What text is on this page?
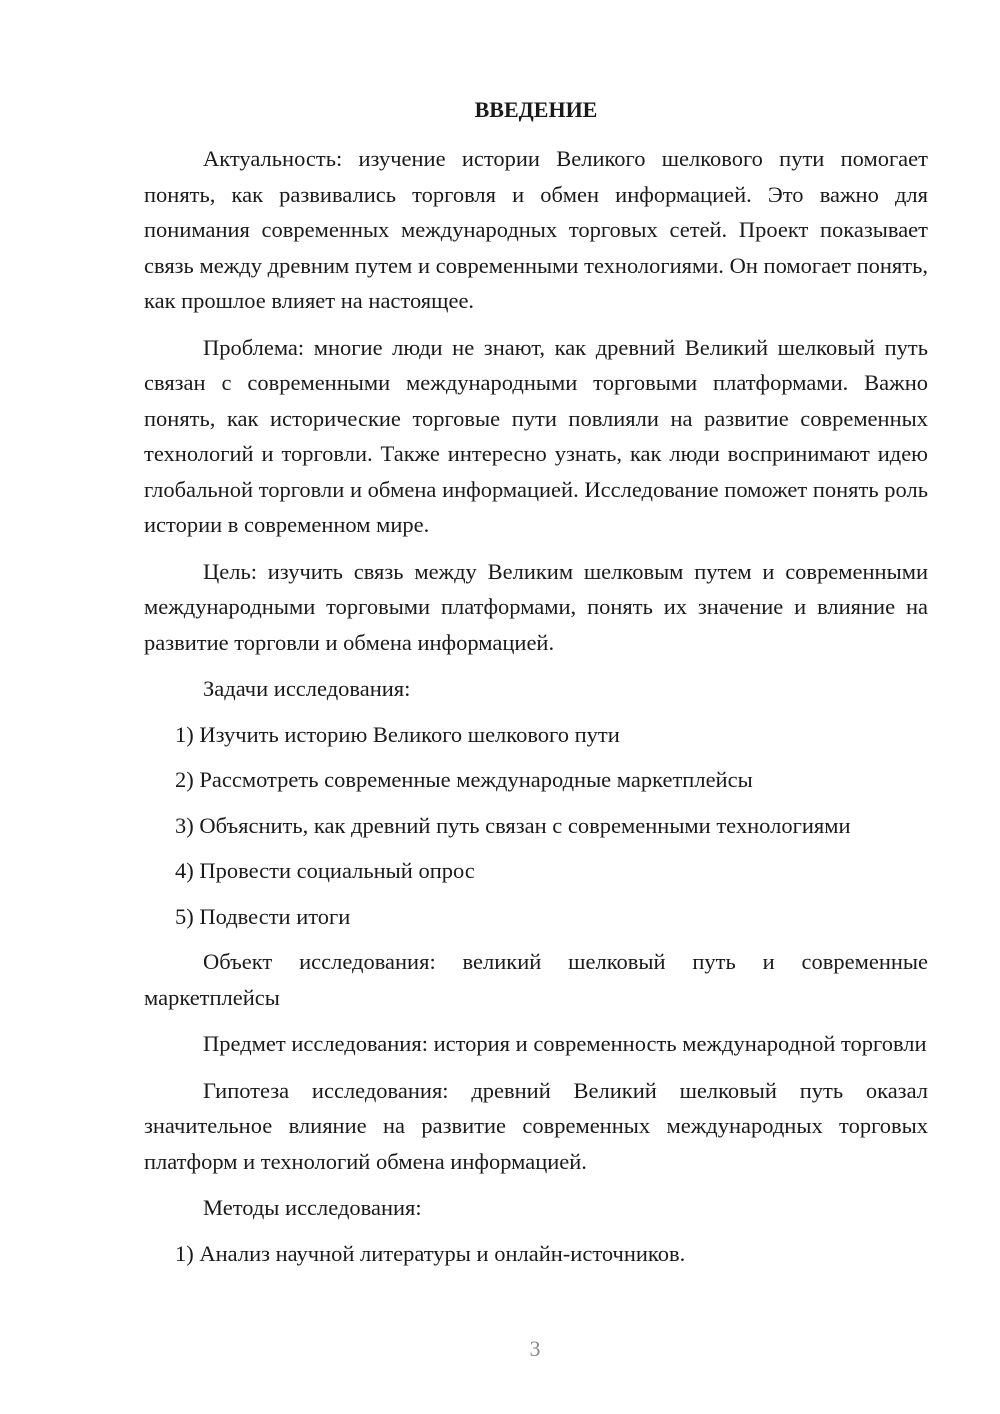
ВВЕДЕНИЕ

Актуальность: изучение истории Великого шелкового пути помогает понять, как развивались торговля и обмен информацией. Это важно для понимания современных международных торговых сетей. Проект показывает связь между древним путем и современными технологиями. Он помогает понять, как прошлое влияет на настоящее.

Проблема: многие люди не знают, как древний Великий шелковый путь связан с современными международными торговыми платформами. Важно понять, как исторические торговые пути повлияли на развитие современных технологий и торговли. Также интересно узнать, как люди воспринимают идею глобальной торговли и обмена информацией. Исследование поможет понять роль истории в современном мире.

Цель: изучить связь между Великим шелковым путем и современными международными торговыми платформами, понять их значение и влияние на развитие торговли и обмена информацией.

Задачи исследования:

1) Изучить историю Великого шелкового пути

2) Рассмотреть современные международные маркетплейсы

3) Объяснить, как древний путь связан с современными технологиями

4) Провести социальный опрос

5) Подвести итоги

Объект исследования: великий шелковый путь и современные маркетплейсы

Предмет исследования: история и современность международной торговли

Гипотеза исследования: древний Великий шелковый путь оказал значительное влияние на развитие современных международных торговых платформ и технологий обмена информацией.

Методы исследования:

1) Анализ научной литературы и онлайн-источников.

3
